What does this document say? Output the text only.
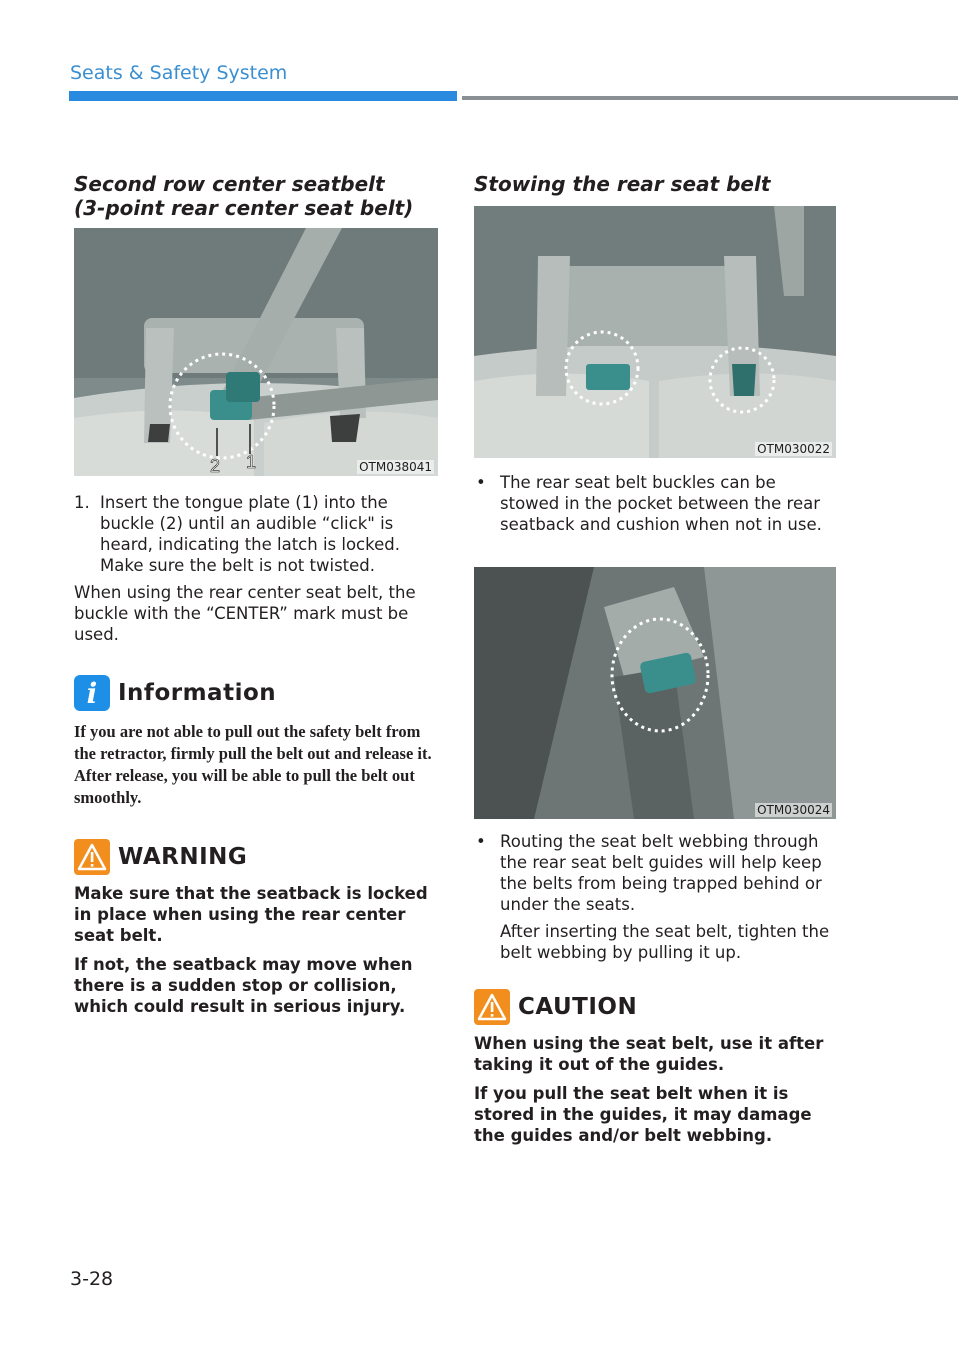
Seats & Safety System
Second row center seatbelt
(3-point rear center seat belt)
2 1	OTM038041
1. Insert the tongue plate (1) into the buckle (2) until an audible “click" is heard, indicating the latch is locked. Make sure the belt is not twisted.
When using the rear center seat belt, the buckle with the “CENTER” mark must be used.
i Information
If you are not able to pull out the safety belt from the retractor, firmly pull the belt out and release it. After release, you will be able to pull the belt out smoothly.
WARNING

Make sure that the seatback is locked in place when using the rear center seat belt.

If not, the seatback may move when there is a sudden stop or collision, which could result in serious injury.

Stowing the rear seat belt
OTM030022
• The rear seat belt buckles can be stowed in the pocket between the rear seatback and cushion when not in use.
OTM030024
• Routing the seat belt webbing through the rear seat belt guides will help keep the belts from being trapped behind or under the seats.
After inserting the seat belt, tighten the belt webbing by pulling it up.
CAUTION

When using the seat belt, use it after taking it out of the guides.

If you pull the seat belt when it is stored in the guides, it may damage the guides and/or belt webbing.

3-28
